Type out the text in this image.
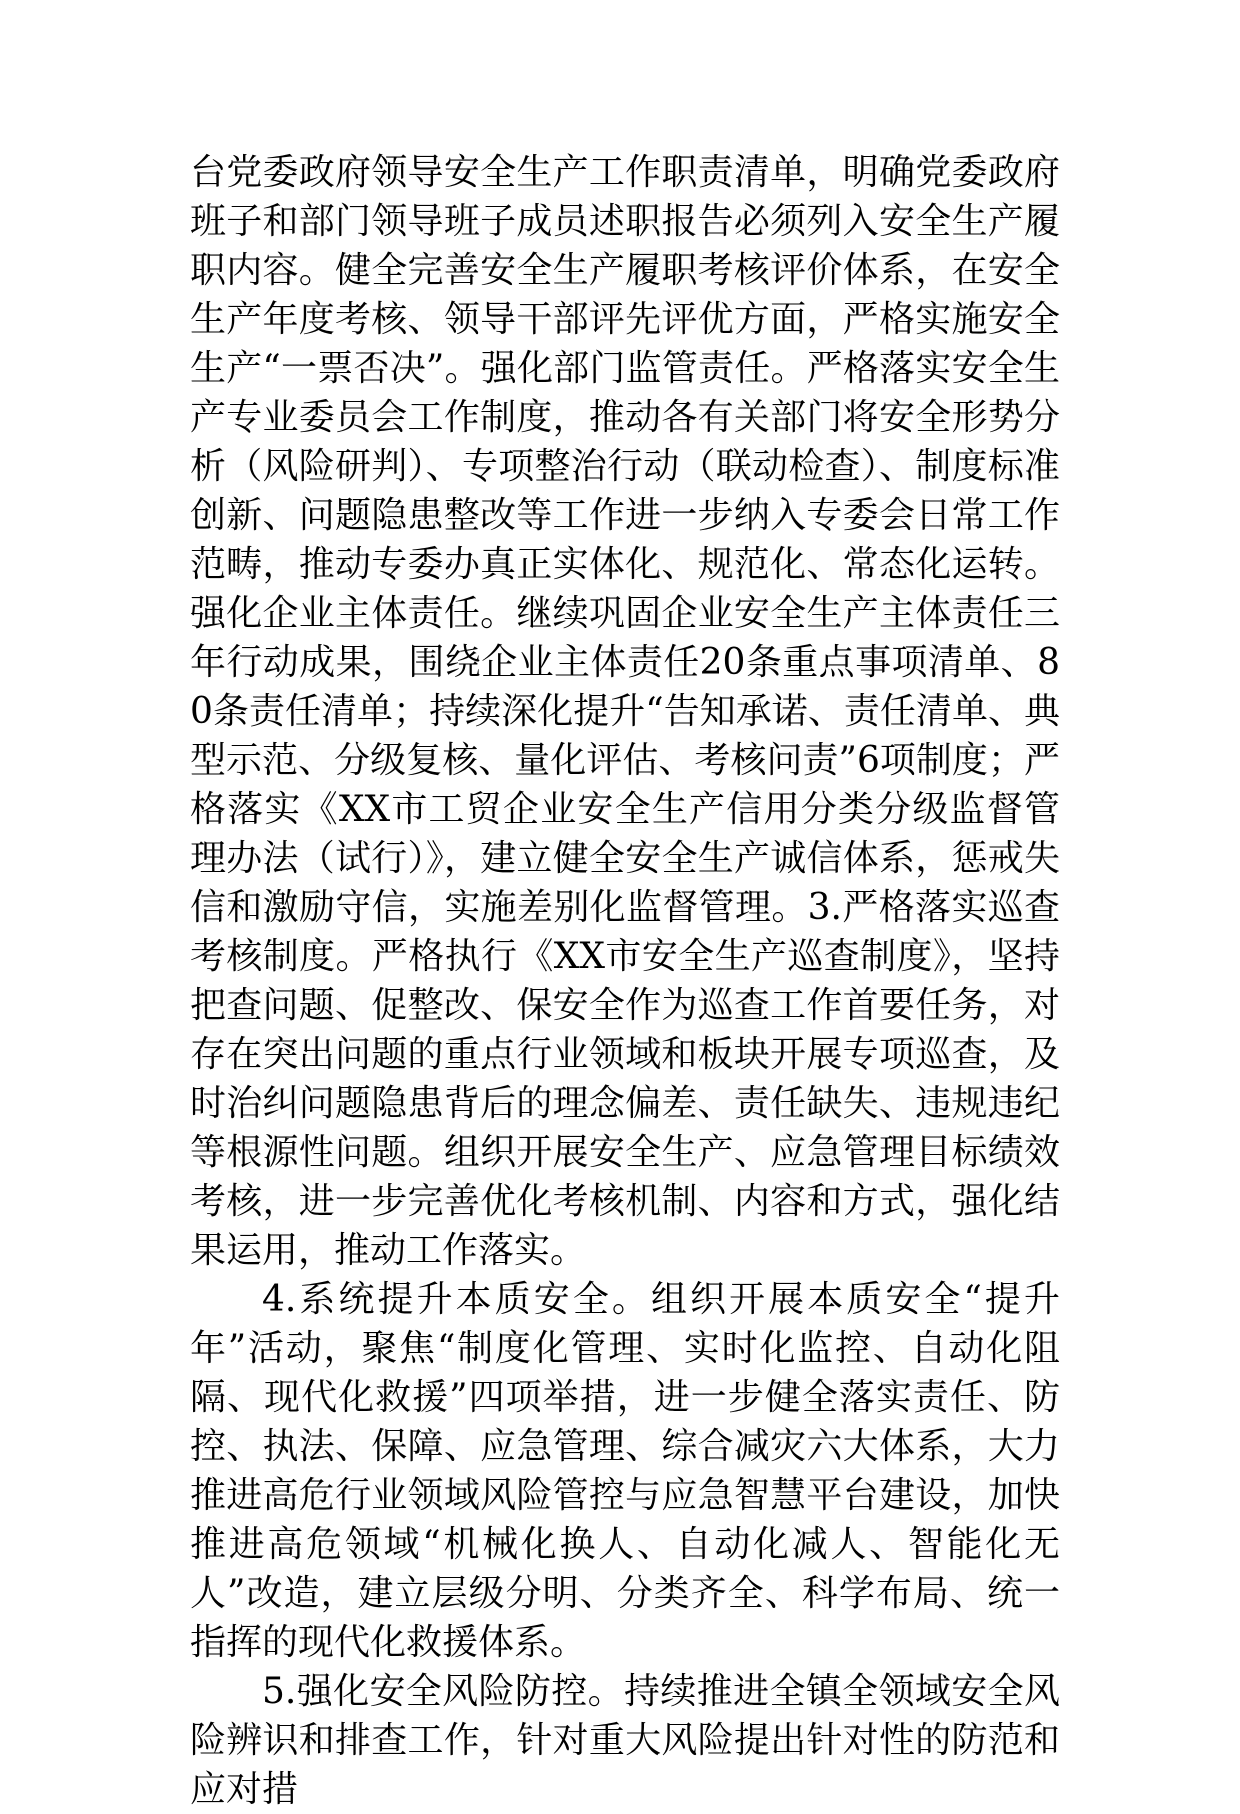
台党委政府领导安全生产工作职责清单，明确党委政府班子和部门领导班子成员述职报告必须列入安全生产履职内容。健全完善安全生产履职考核评价体系，在安全生产年度考核、领导干部评先评优方面，严格实施安全生产“一票否决”。强化部门监管责任。严格落实安全生产专业委员会工作制度，推动各有关部门将安全形势分析（风险研判）、专项整治行动（联动检查）、制度标准创新、问题隐患整改等工作进一步纳入专委会日常工作范畴，推动专委办真正实体化、规范化、常态化运转。强化企业主体责任。继续巩固企业安全生产主体责任三年行动成果，围绕企业主体责任20条重点事项清单、80条责任清单；持续深化提升“告知承诺、责任清单、典型示范、分级复核、量化评估、考核问责”6项制度；严格落实《XX市工贸企业安全生产信用分类分级监督管理办法（试行）》，建立健全安全生产诚信体系，惩戒失信和激励守信，实施差别化监督管理。3.严格落实巡查考核制度。严格执行《XX市安全生产巡查制度》，坚持把查问题、促整改、保安全作为巡查工作首要任务，对存在突出问题的重点行业领域和板块开展专项巡查，及时治纠问题隐患背后的理念偏差、责任缺失、违规违纪等根源性问题。组织开展安全生产、应急管理目标绩效考核，进一步完善优化考核机制、内容和方式，强化结果运用，推动工作落实。

4.系统提升本质安全。组织开展本质安全“提升年”活动，聚焦“制度化管理、实时化监控、自动化阻隔、现代化救援”四项举措，进一步健全落实责任、防控、执法、保障、应急管理、综合减灾六大体系，大力推进高危行业领域风险管控与应急智慧平台建设，加快推进高危领域“机械化换人、自动化减人、智能化无人”改造，建立层级分明、分类齐全、科学布局、统一指挥的现代化救援体系。

5.强化安全风险防控。持续推进全镇全领域安全风险辨识和排查工作，针对重大风险提出针对性的防范和应对措
